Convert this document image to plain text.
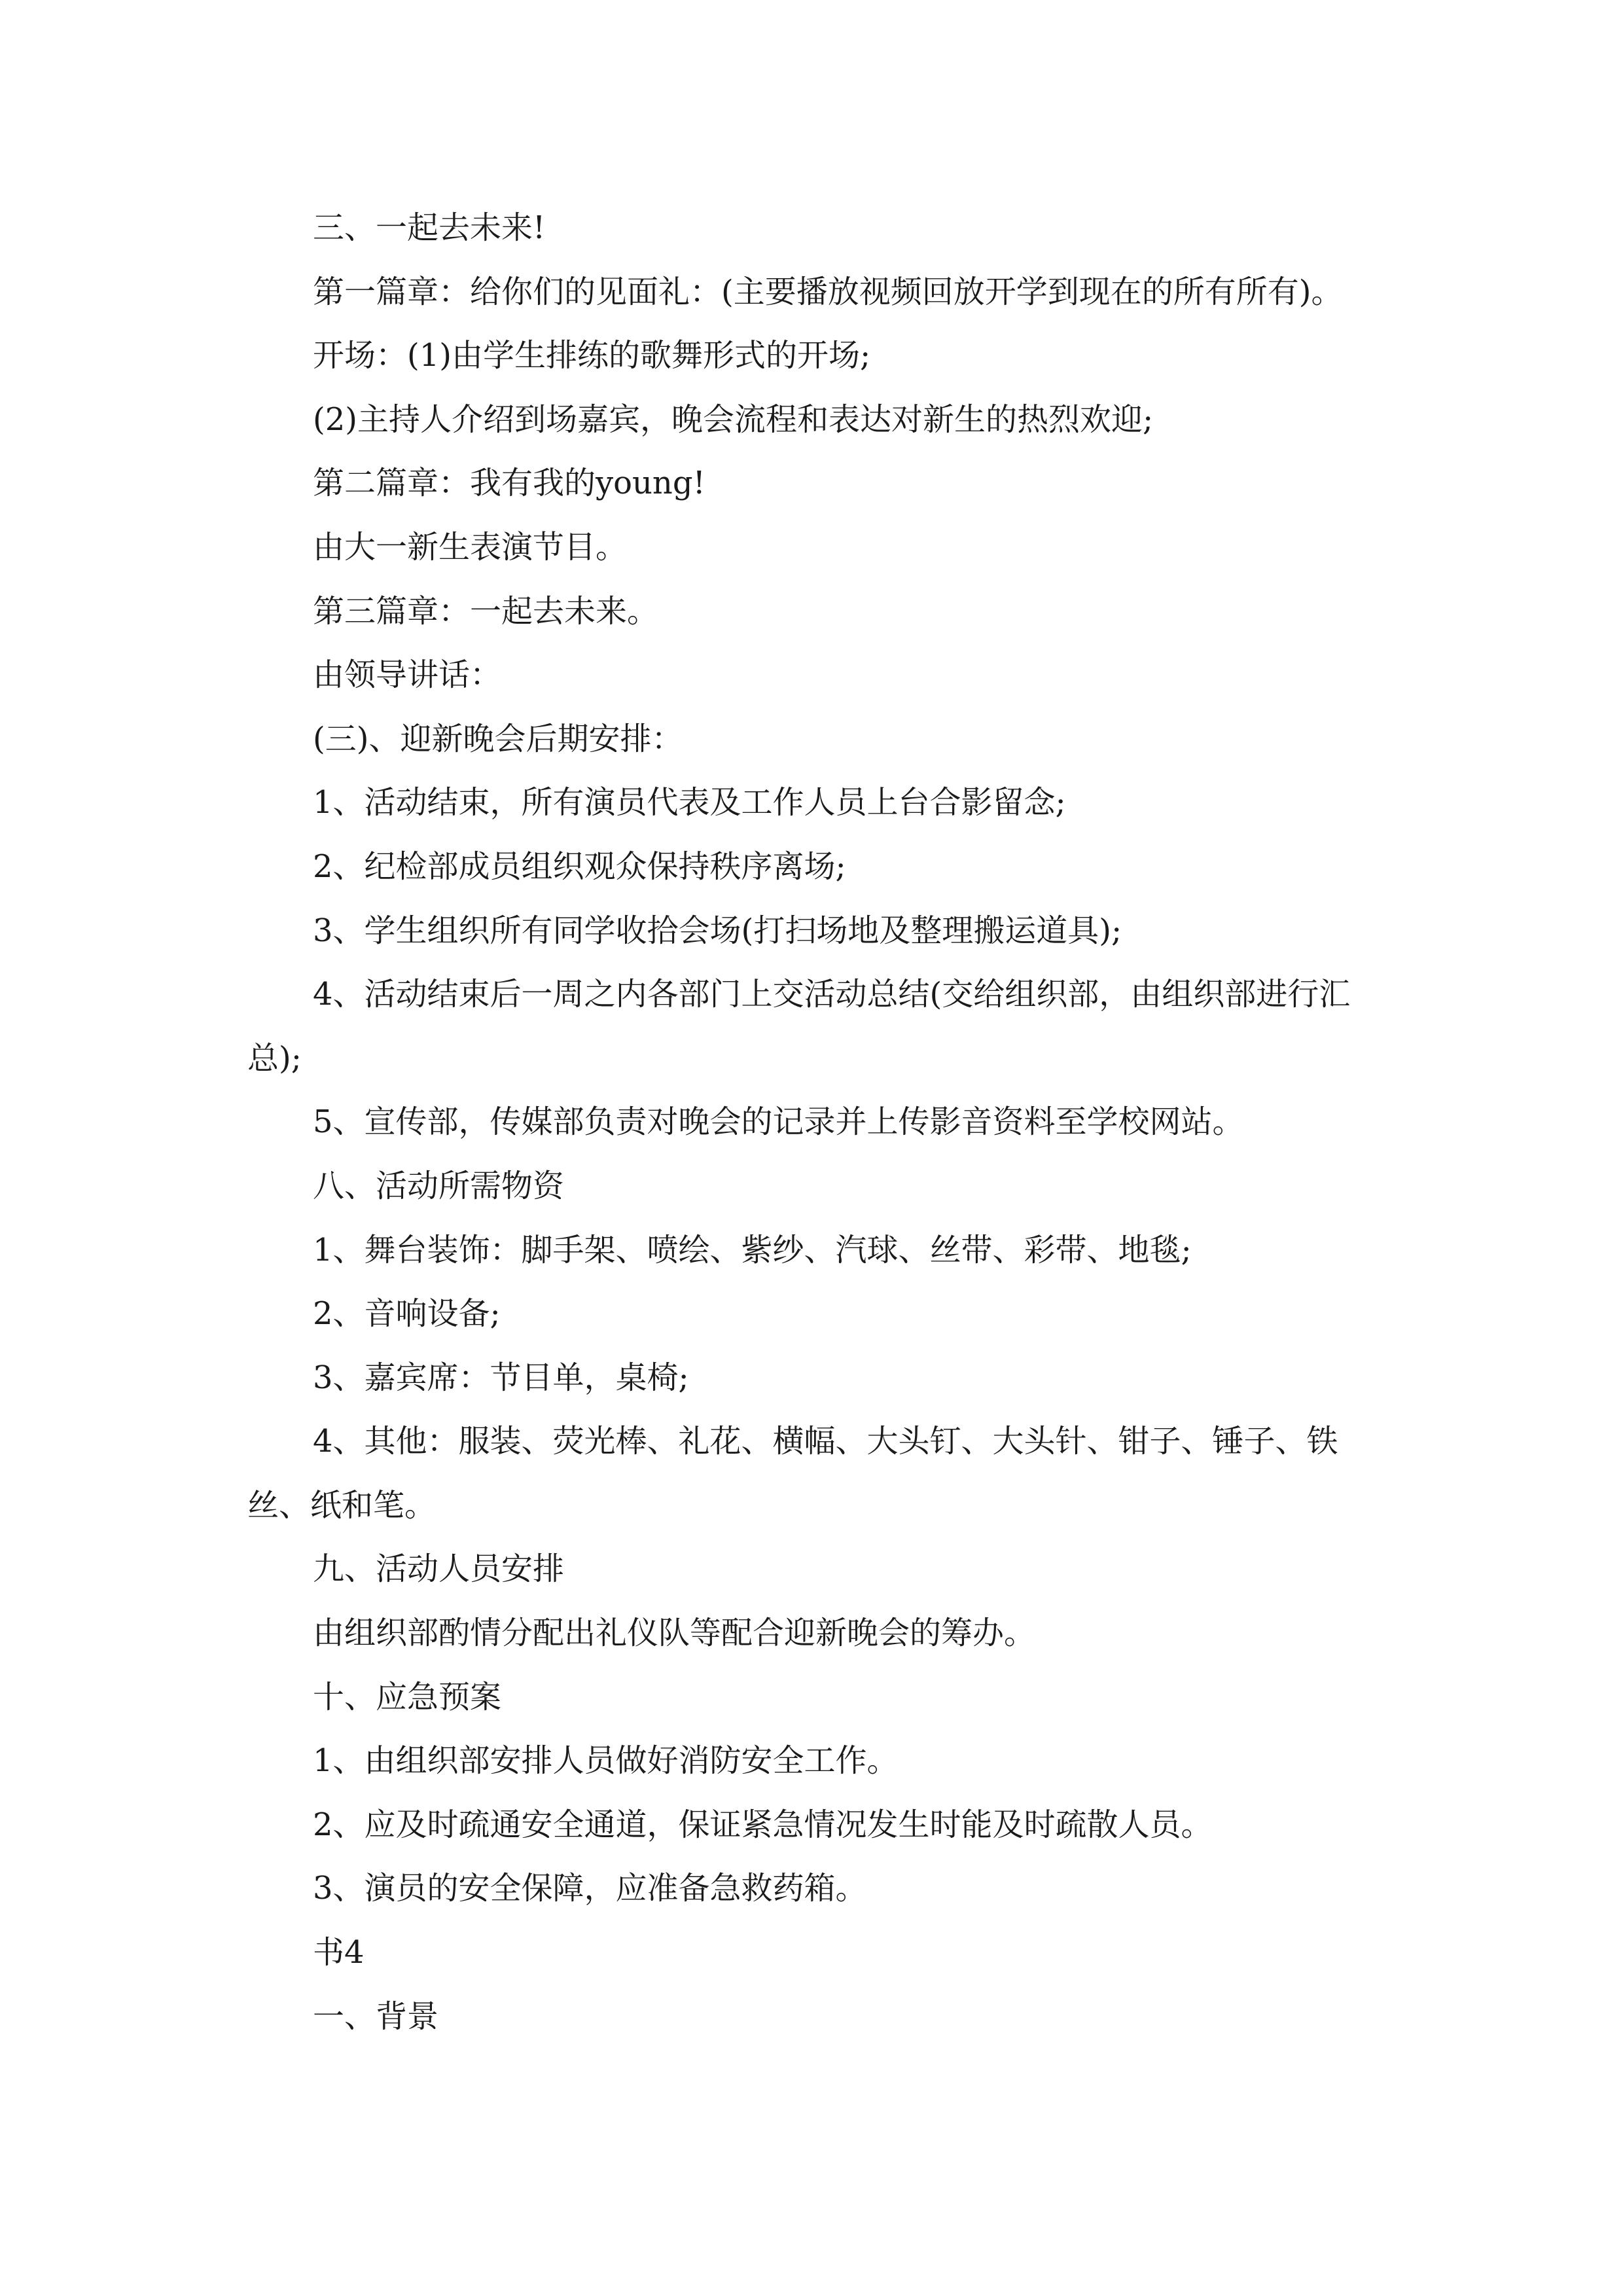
三、一起去未来!

第一篇章：给你们的见面礼：(主要播放视频回放开学到现在的所有所有)。

开场：(1)由学生排练的歌舞形式的开场;

(2)主持人介绍到场嘉宾，晚会流程和表达对新生的热烈欢迎;

第二篇章：我有我的young!

由大一新生表演节目。

第三篇章：一起去未来。

由领导讲话：

(三)、迎新晚会后期安排：

1、活动结束，所有演员代表及工作人员上台合影留念;

2、纪检部成员组织观众保持秩序离场;

3、学生组织所有同学收拾会场(打扫场地及整理搬运道具);

4、活动结束后一周之内各部门上交活动总结(交给组织部，由组织部进行汇总);

5、宣传部，传媒部负责对晚会的记录并上传影音资料至学校网站。

八、活动所需物资

1、舞台装饰：脚手架、喷绘、紫纱、汽球、丝带、彩带、地毯;

2、音响设备;

3、嘉宾席：节目单，桌椅;

4、其他：服装、荧光棒、礼花、横幅、大头钉、大头针、钳子、锤子、铁丝、纸和笔。

九、活动人员安排

由组织部酌情分配出礼仪队等配合迎新晚会的筹办。

十、应急预案

1、由组织部安排人员做好消防安全工作。

2、应及时疏通安全通道，保证紧急情况发生时能及时疏散人员。

3、演员的安全保障，应准备急救药箱。

书4

一、背景
